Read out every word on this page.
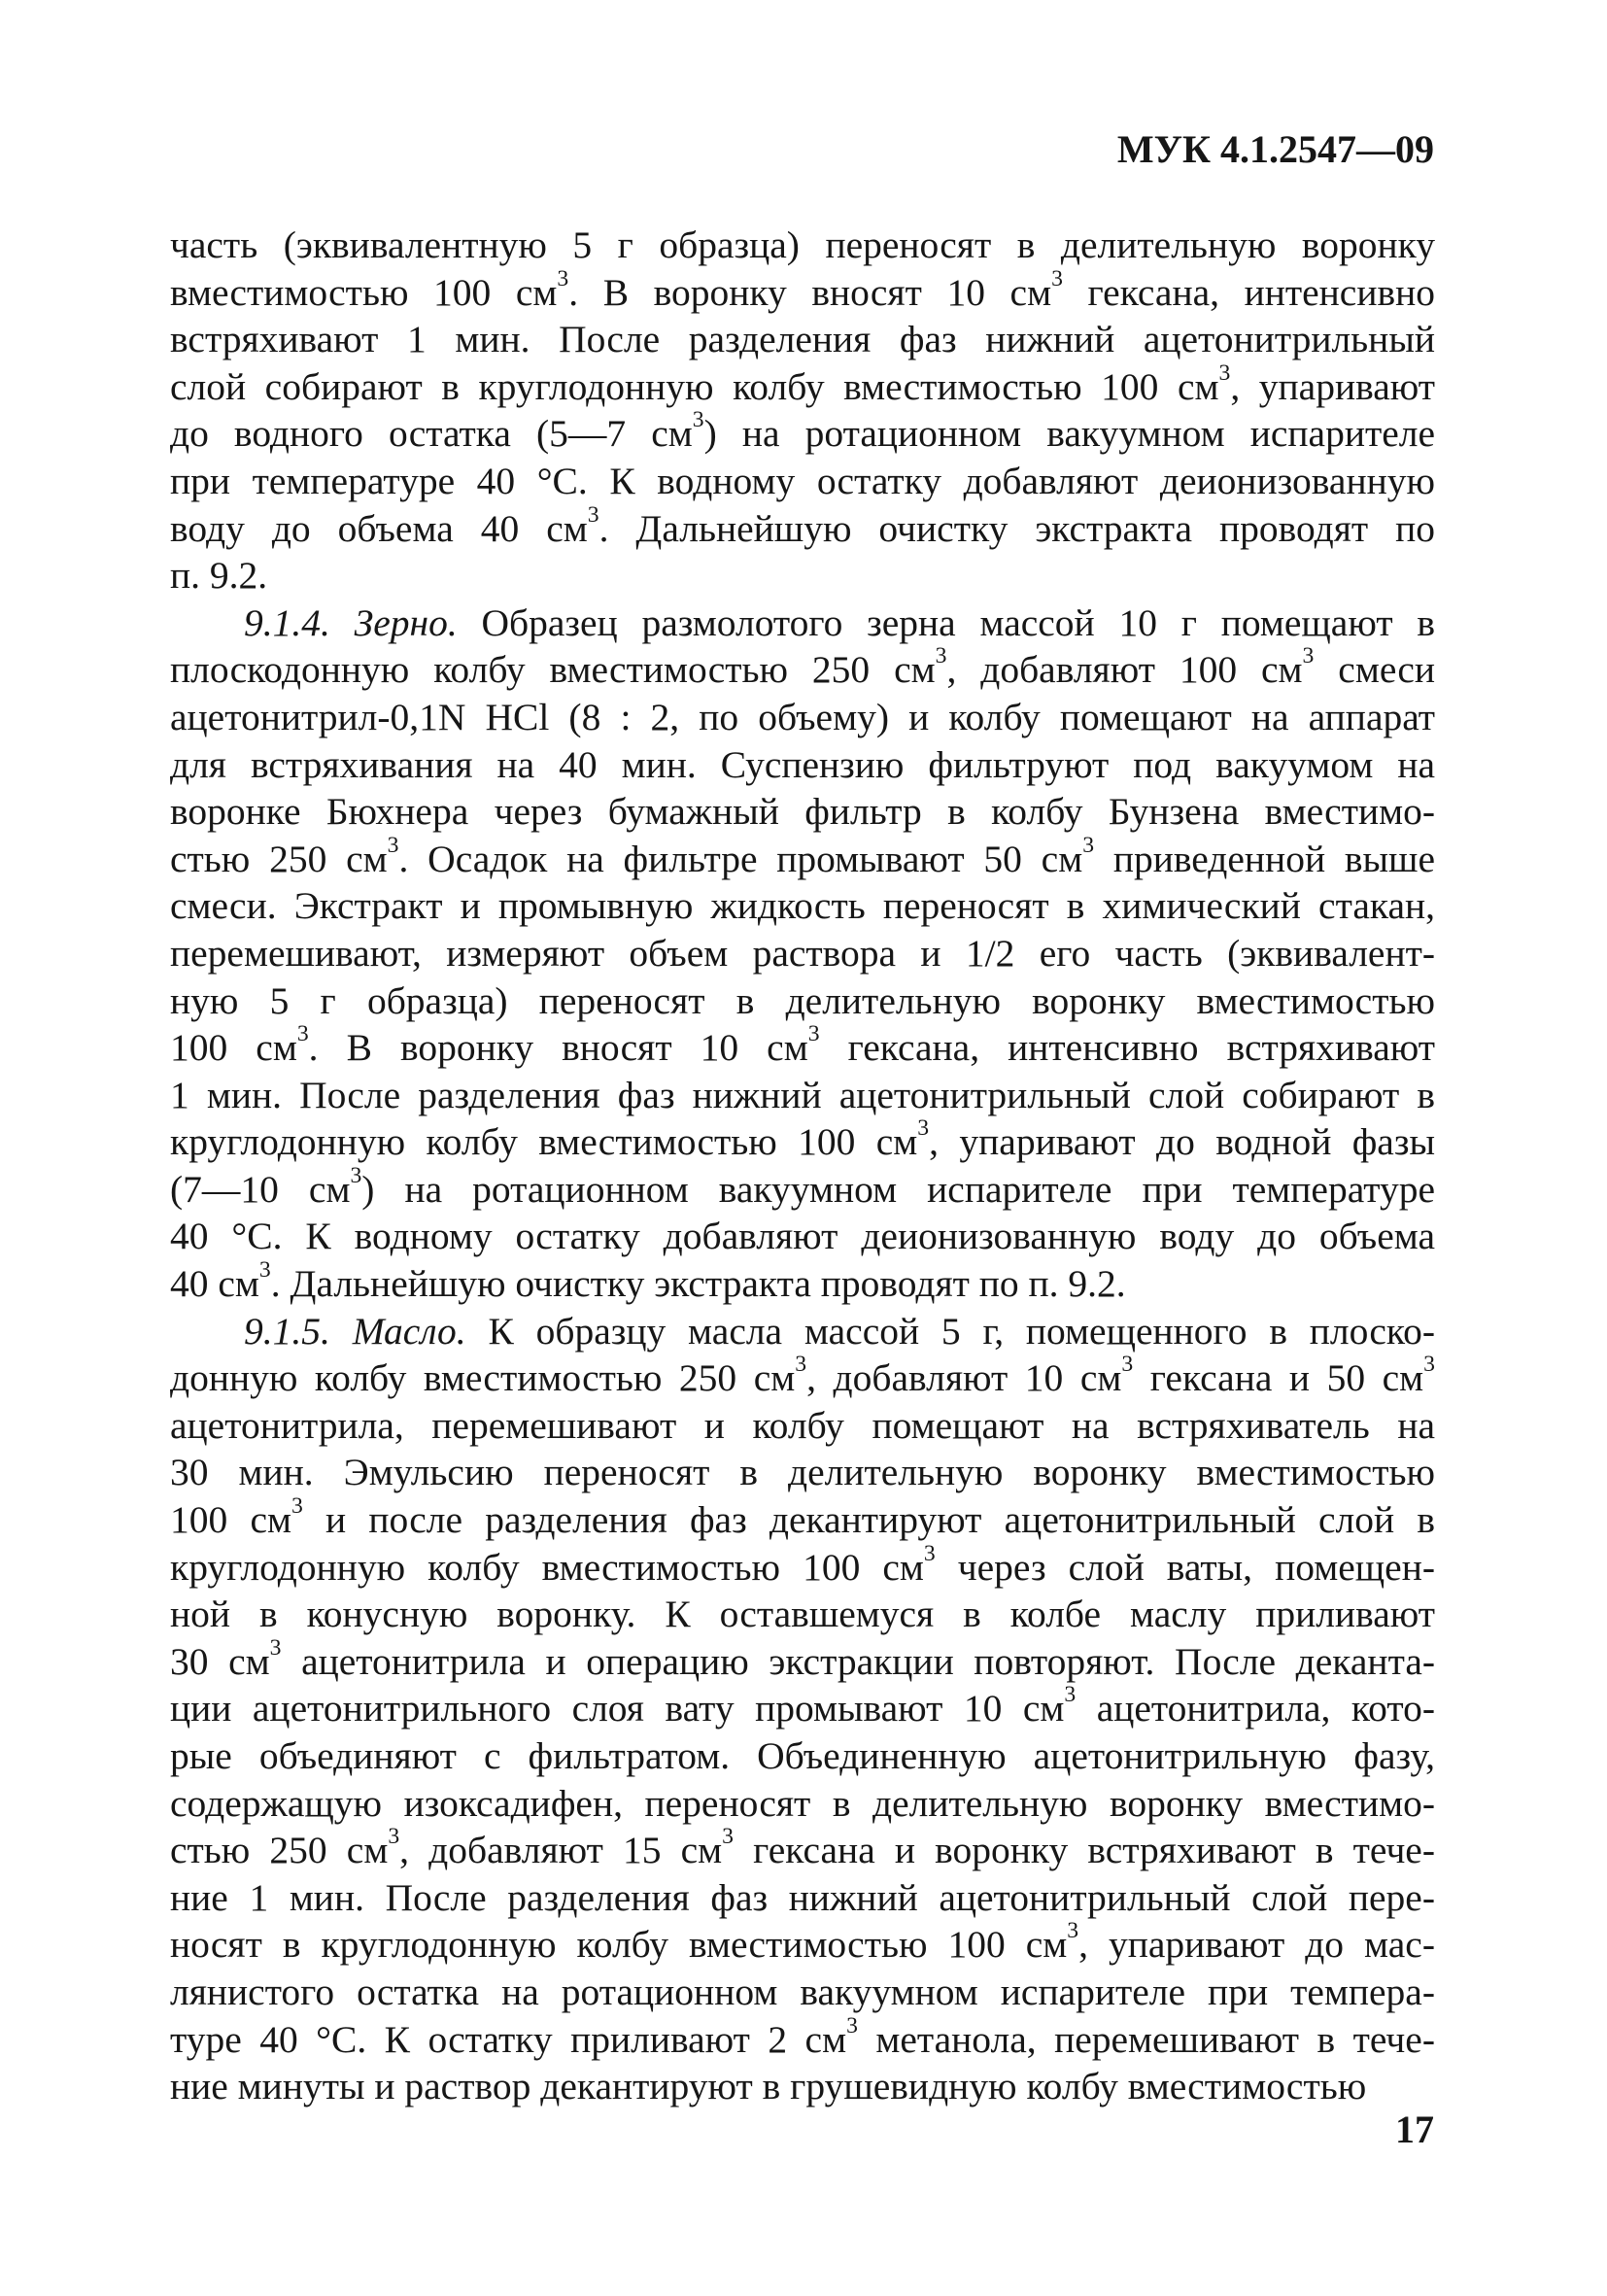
МУК 4.1.2547—09
часть (эквивалентную 5 г образца) переносят в делительную воронку
вместимостью 100 $см^3$. В воронку вносят 10 $см^3$ гексана, интенсивно
встряхивают 1 мин. После разделения фаз нижний ацетонитрильный
слой собирают в круглодонную колбу вместимостью 100 $см^3$, упаривают
до водного остатка (5—7 $см^3$) на ротационном вакуумном испарителе
при температуре 40 °С. К водному остатку добавляют деионизованную
воду до объема 40 $см^3$. Дальнейшую очистку экстракта проводят по
п. 9.2.
9.1.4. Зерно. Образец размолотого зерна массой 10 г помещают в
плоскодонную колбу вместимостью 250 $см^3$, добавляют 100 $см^3$ смеси
ацетонитрил-0,1N HCl (8 : 2, по объему) и колбу помещают на аппарат
для встряхивания на 40 мин. Суспензию фильтруют под вакуумом на
воронке Бюхнера через бумажный фильтр в колбу Бунзена вместимо-
стью 250 $см^3$. Осадок на фильтре промывают 50 $см^3$ приведенной выше
смеси. Экстракт и промывную жидкость переносят в химический стакан,
перемешивают, измеряют объем раствора и 1/2 его часть (эквивалент-
ную 5 г образца) переносят в делительную воронку вместимостью
100 $см^3$. В воронку вносят 10 $см^3$ гексана, интенсивно встряхивают
1 мин. После разделения фаз нижний ацетонитрильный слой собирают в
круглодонную колбу вместимостью 100 $см^3$, упаривают до водной фазы
(7—10 $см^3$) на ротационном вакуумном испарителе при температуре
40 °С. К водному остатку добавляют деионизованную воду до объема
40 $см^3$. Дальнейшую очистку экстракта проводят по п. 9.2.
9.1.5. Масло. К образцу масла массой 5 г, помещенного в плоско-
донную колбу вместимостью 250 $см^3$, добавляют 10 $см^3$ гексана и 50 $см^3$
ацетонитрила, перемешивают и колбу помещают на встряхиватель на
30 мин. Эмульсию переносят в делительную воронку вместимостью
100 $см^3$ и после разделения фаз декантируют ацетонитрильный слой в
круглодонную колбу вместимостью 100 $см^3$ через слой ваты, помещен-
ной в конусную воронку. К оставшемуся в колбе маслу приливают
30 $см^3$ ацетонитрила и операцию экстракции повторяют. После деканта-
ции ацетонитрильного слоя вату промывают 10 $см^3$ ацетонитрила, кото-
рые объединяют с фильтратом. Объединенную ацетонитрильную фазу,
содержащую изоксадифен, переносят в делительную воронку вместимо-
стью 250 $см^3$, добавляют 15 $см^3$ гексана и воронку встряхивают в тече-
ние 1 мин. После разделения фаз нижний ацетонитрильный слой пере-
носят в круглодонную колбу вместимостью 100 $см^3$, упаривают до мас-
лянистого остатка на ротационном вакуумном испарителе при темпера-
туре 40 °С. К остатку приливают 2 $см^3$ метанола, перемешивают в тече-
ние минуты и раствор декантируют в грушевидную колбу вместимостью
17
